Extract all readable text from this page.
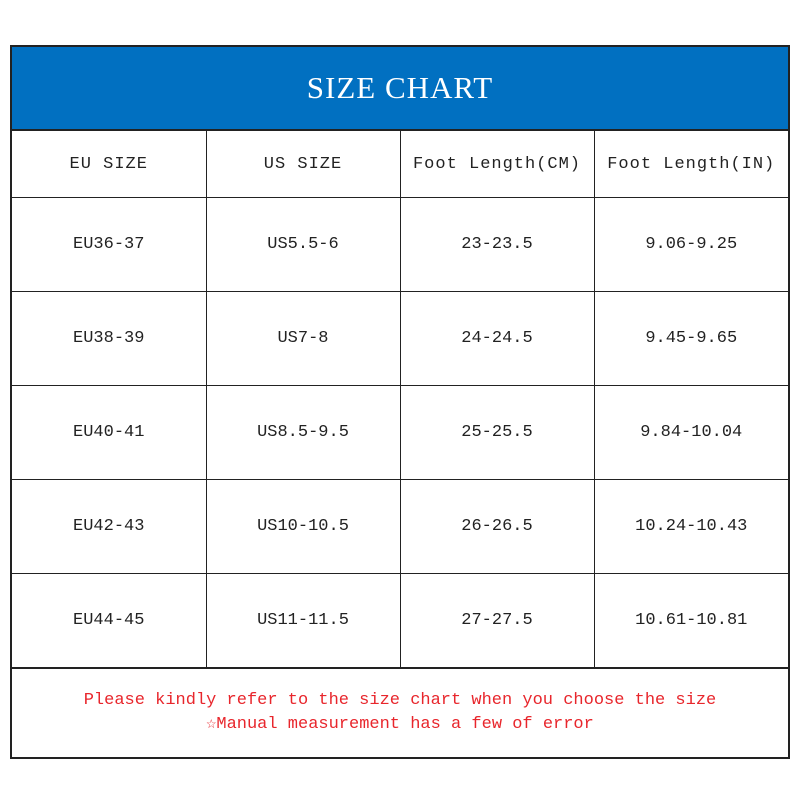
SIZE CHART
EU SIZE	US SIZE	Foot Length(CM)	Foot Length(IN)
EU36-37	US5.5-6	23-23.5	9.06-9.25
EU38-39	US7-8	24-24.5	9.45-9.65
EU40-41	US8.5-9.5	25-25.5	9.84-10.04
EU42-43	US10-10.5	26-26.5	10.24-10.43
EU44-45	US11-11.5	27-27.5	10.61-10.81
Please kindly refer to the size chart when you choose the size
☆Manual measurement has a few of error
